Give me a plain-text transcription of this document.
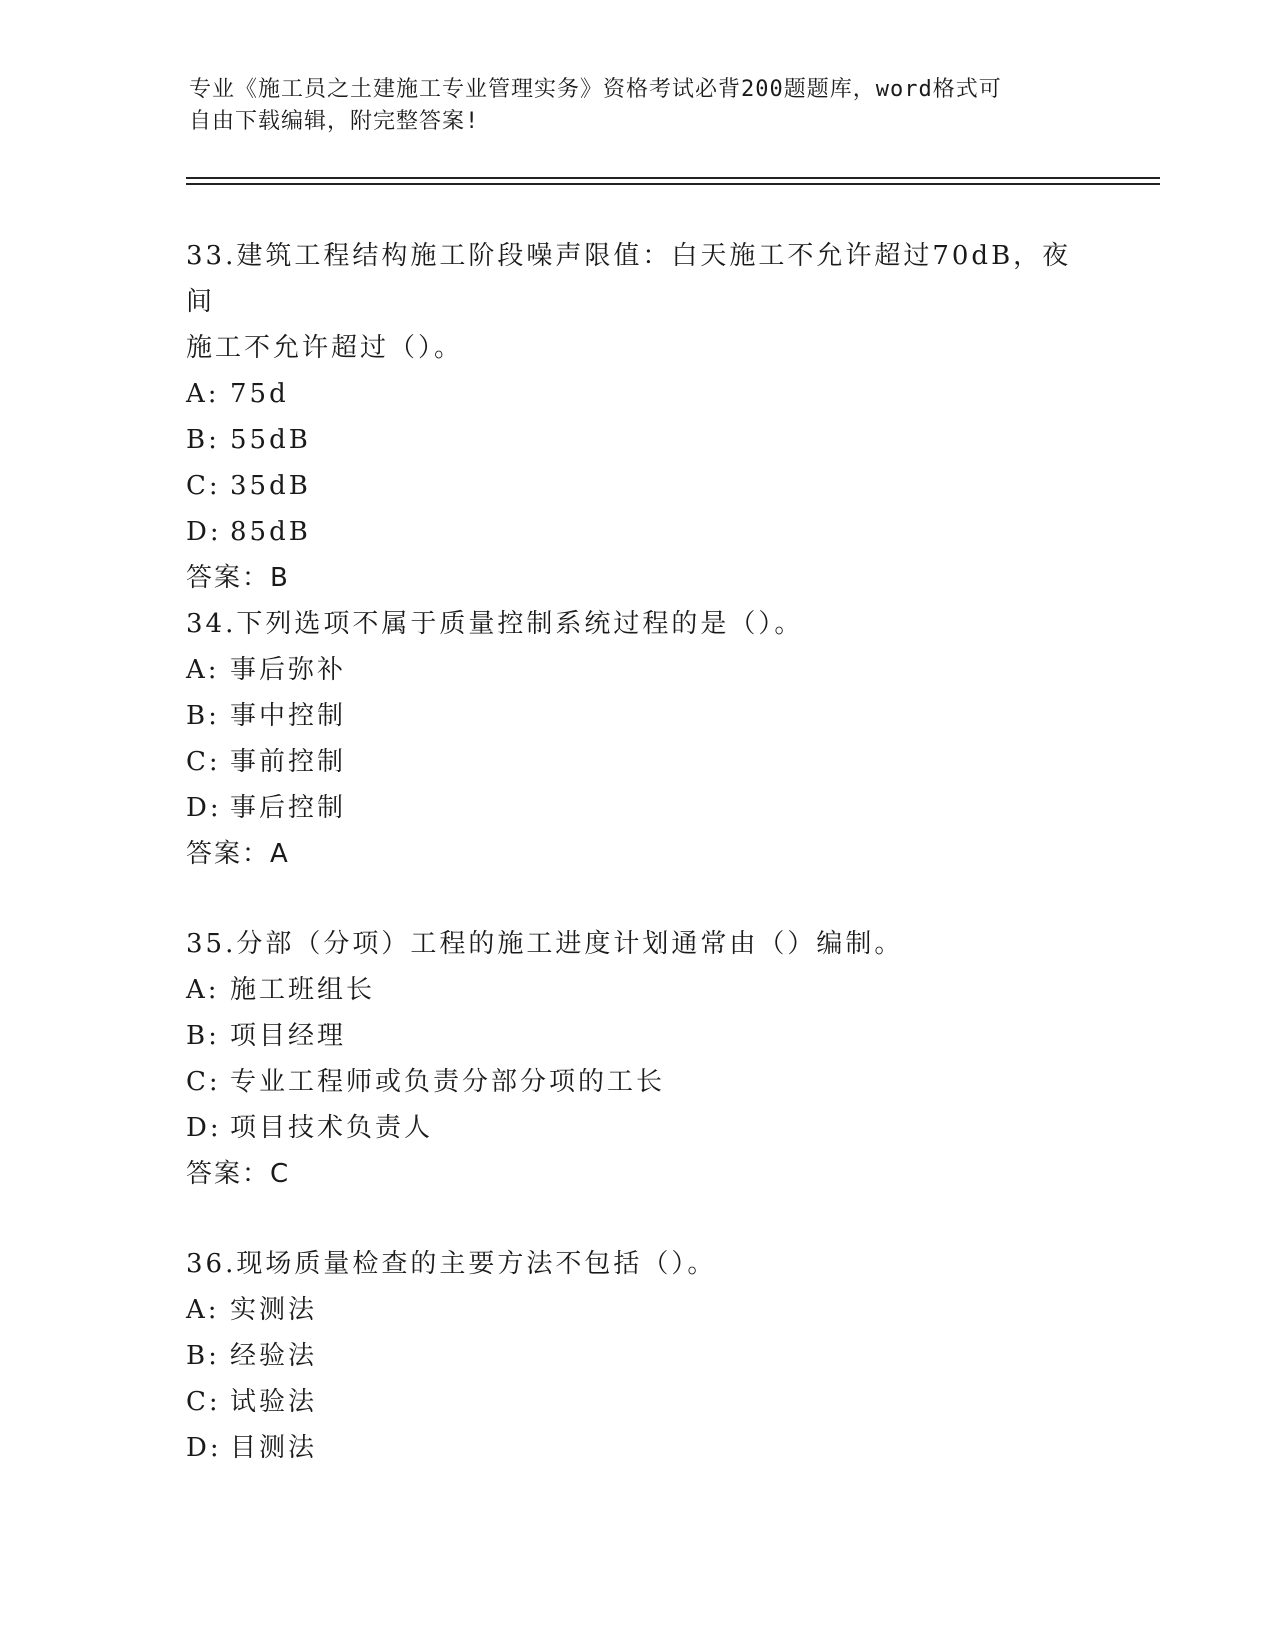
专业《施工员之土建施工专业管理实务》资格考试必背200题题库，word格式可
自由下载编辑，附完整答案!

33.建筑工程结构施工阶段噪声限值：白天施工不允许超过70dB，夜间

施工不允许超过（）。

A: 75d

B: 55dB

C: 35dB

D: 85dB

答案：B

34.下列选项不属于质量控制系统过程的是（）。

A: 事后弥补

B: 事中控制

C: 事前控制

D: 事后控制

答案：A

35.分部（分项）工程的施工进度计划通常由（）编制。

A: 施工班组长

B: 项目经理

C: 专业工程师或负责分部分项的工长

D: 项目技术负责人

答案：C

36.现场质量检查的主要方法不包括（）。

A: 实测法

B: 经验法

C: 试验法

D: 目测法
